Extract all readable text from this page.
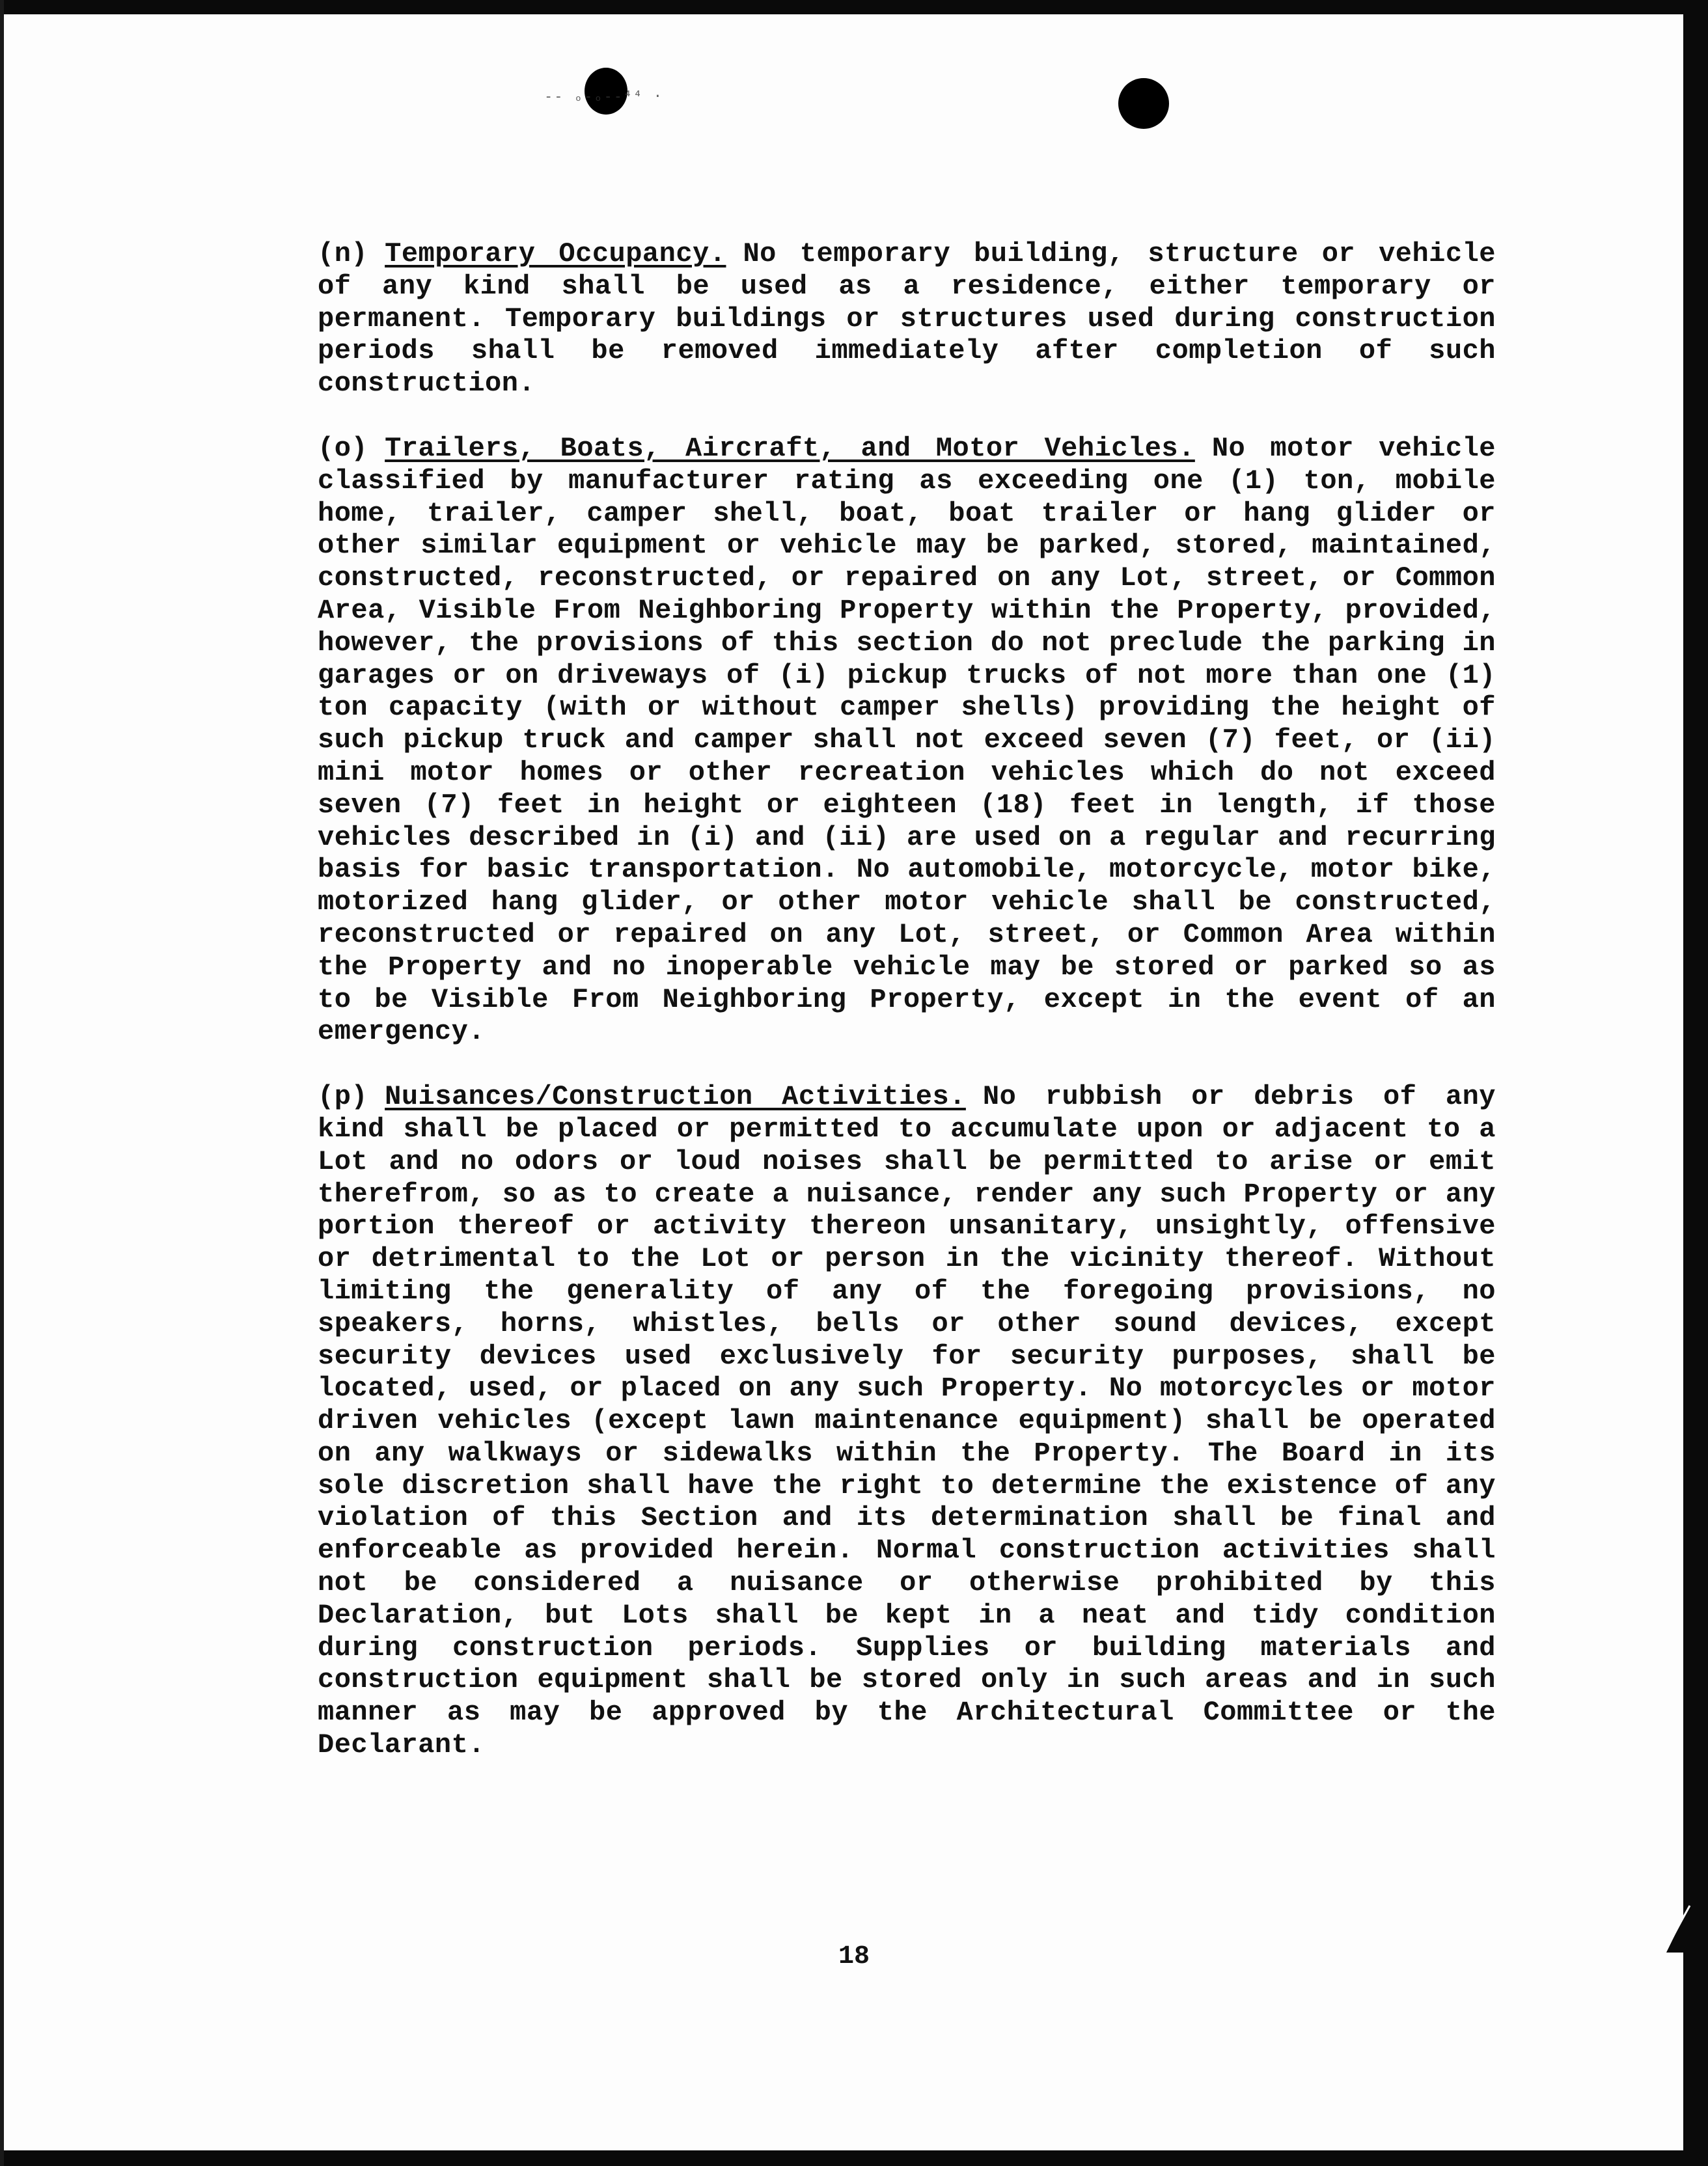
-- ₒ-ₒ--⁴⁴ ·

(n) Temporary Occupancy. No temporary building, structure or vehicle of any kind shall be used as a residence, either temporary or permanent. Temporary buildings or structures used during construction periods shall be removed immediately after completion of such construction.

(o) Trailers, Boats, Aircraft, and Motor Vehicles. No motor vehicle classified by manufacturer rating as exceeding one (1) ton, mobile home, trailer, camper shell, boat, boat trailer or hang glider or other similar equipment or vehicle may be parked, stored, maintained, constructed, reconstructed, or repaired on any Lot, street, or Common Area, Visible From Neighboring Property within the Property, provided, however, the provisions of this section do not preclude the parking in garages or on driveways of (i) pickup trucks of not more than one (1) ton capacity (with or without camper shells) providing the height of such pickup truck and camper shall not exceed seven (7) feet, or (ii) mini motor homes or other recreation vehicles which do not exceed seven (7) feet in height or eighteen (18) feet in length, if those vehicles described in (i) and (ii) are used on a regular and recurring basis for basic transportation. No automobile, motorcycle, motor bike, motorized hang glider, or other motor vehicle shall be constructed, reconstructed or repaired on any Lot, street, or Common Area within the Property and no inoperable vehicle may be stored or parked so as to be Visible From Neighboring Property, except in the event of an emergency.

(p) Nuisances/Construction Activities. No rubbish or debris of any kind shall be placed or permitted to accumulate upon or adjacent to a Lot and no odors or loud noises shall be permitted to arise or emit therefrom, so as to create a nuisance, render any such Property or any portion thereof or activity thereon unsanitary, unsightly, offensive or detrimental to the Lot or person in the vicinity thereof. Without limiting the generality of any of the foregoing provisions, no speakers, horns, whistles, bells or other sound devices, except security devices used exclusively for security purposes, shall be located, used, or placed on any such Property. No motorcycles or motor driven vehicles (except lawn maintenance equipment) shall be operated on any walkways or sidewalks within the Property. The Board in its sole discretion shall have the right to determine the existence of any violation of this Section and its determination shall be final and enforceable as provided herein. Normal construction activities shall not be considered a nuisance or otherwise prohibited by this Declaration, but Lots shall be kept in a neat and tidy condition during construction periods. Supplies or building materials and construction equipment shall be stored only in such areas and in such manner as may be approved by the Architectural Committee or the Declarant.

18
